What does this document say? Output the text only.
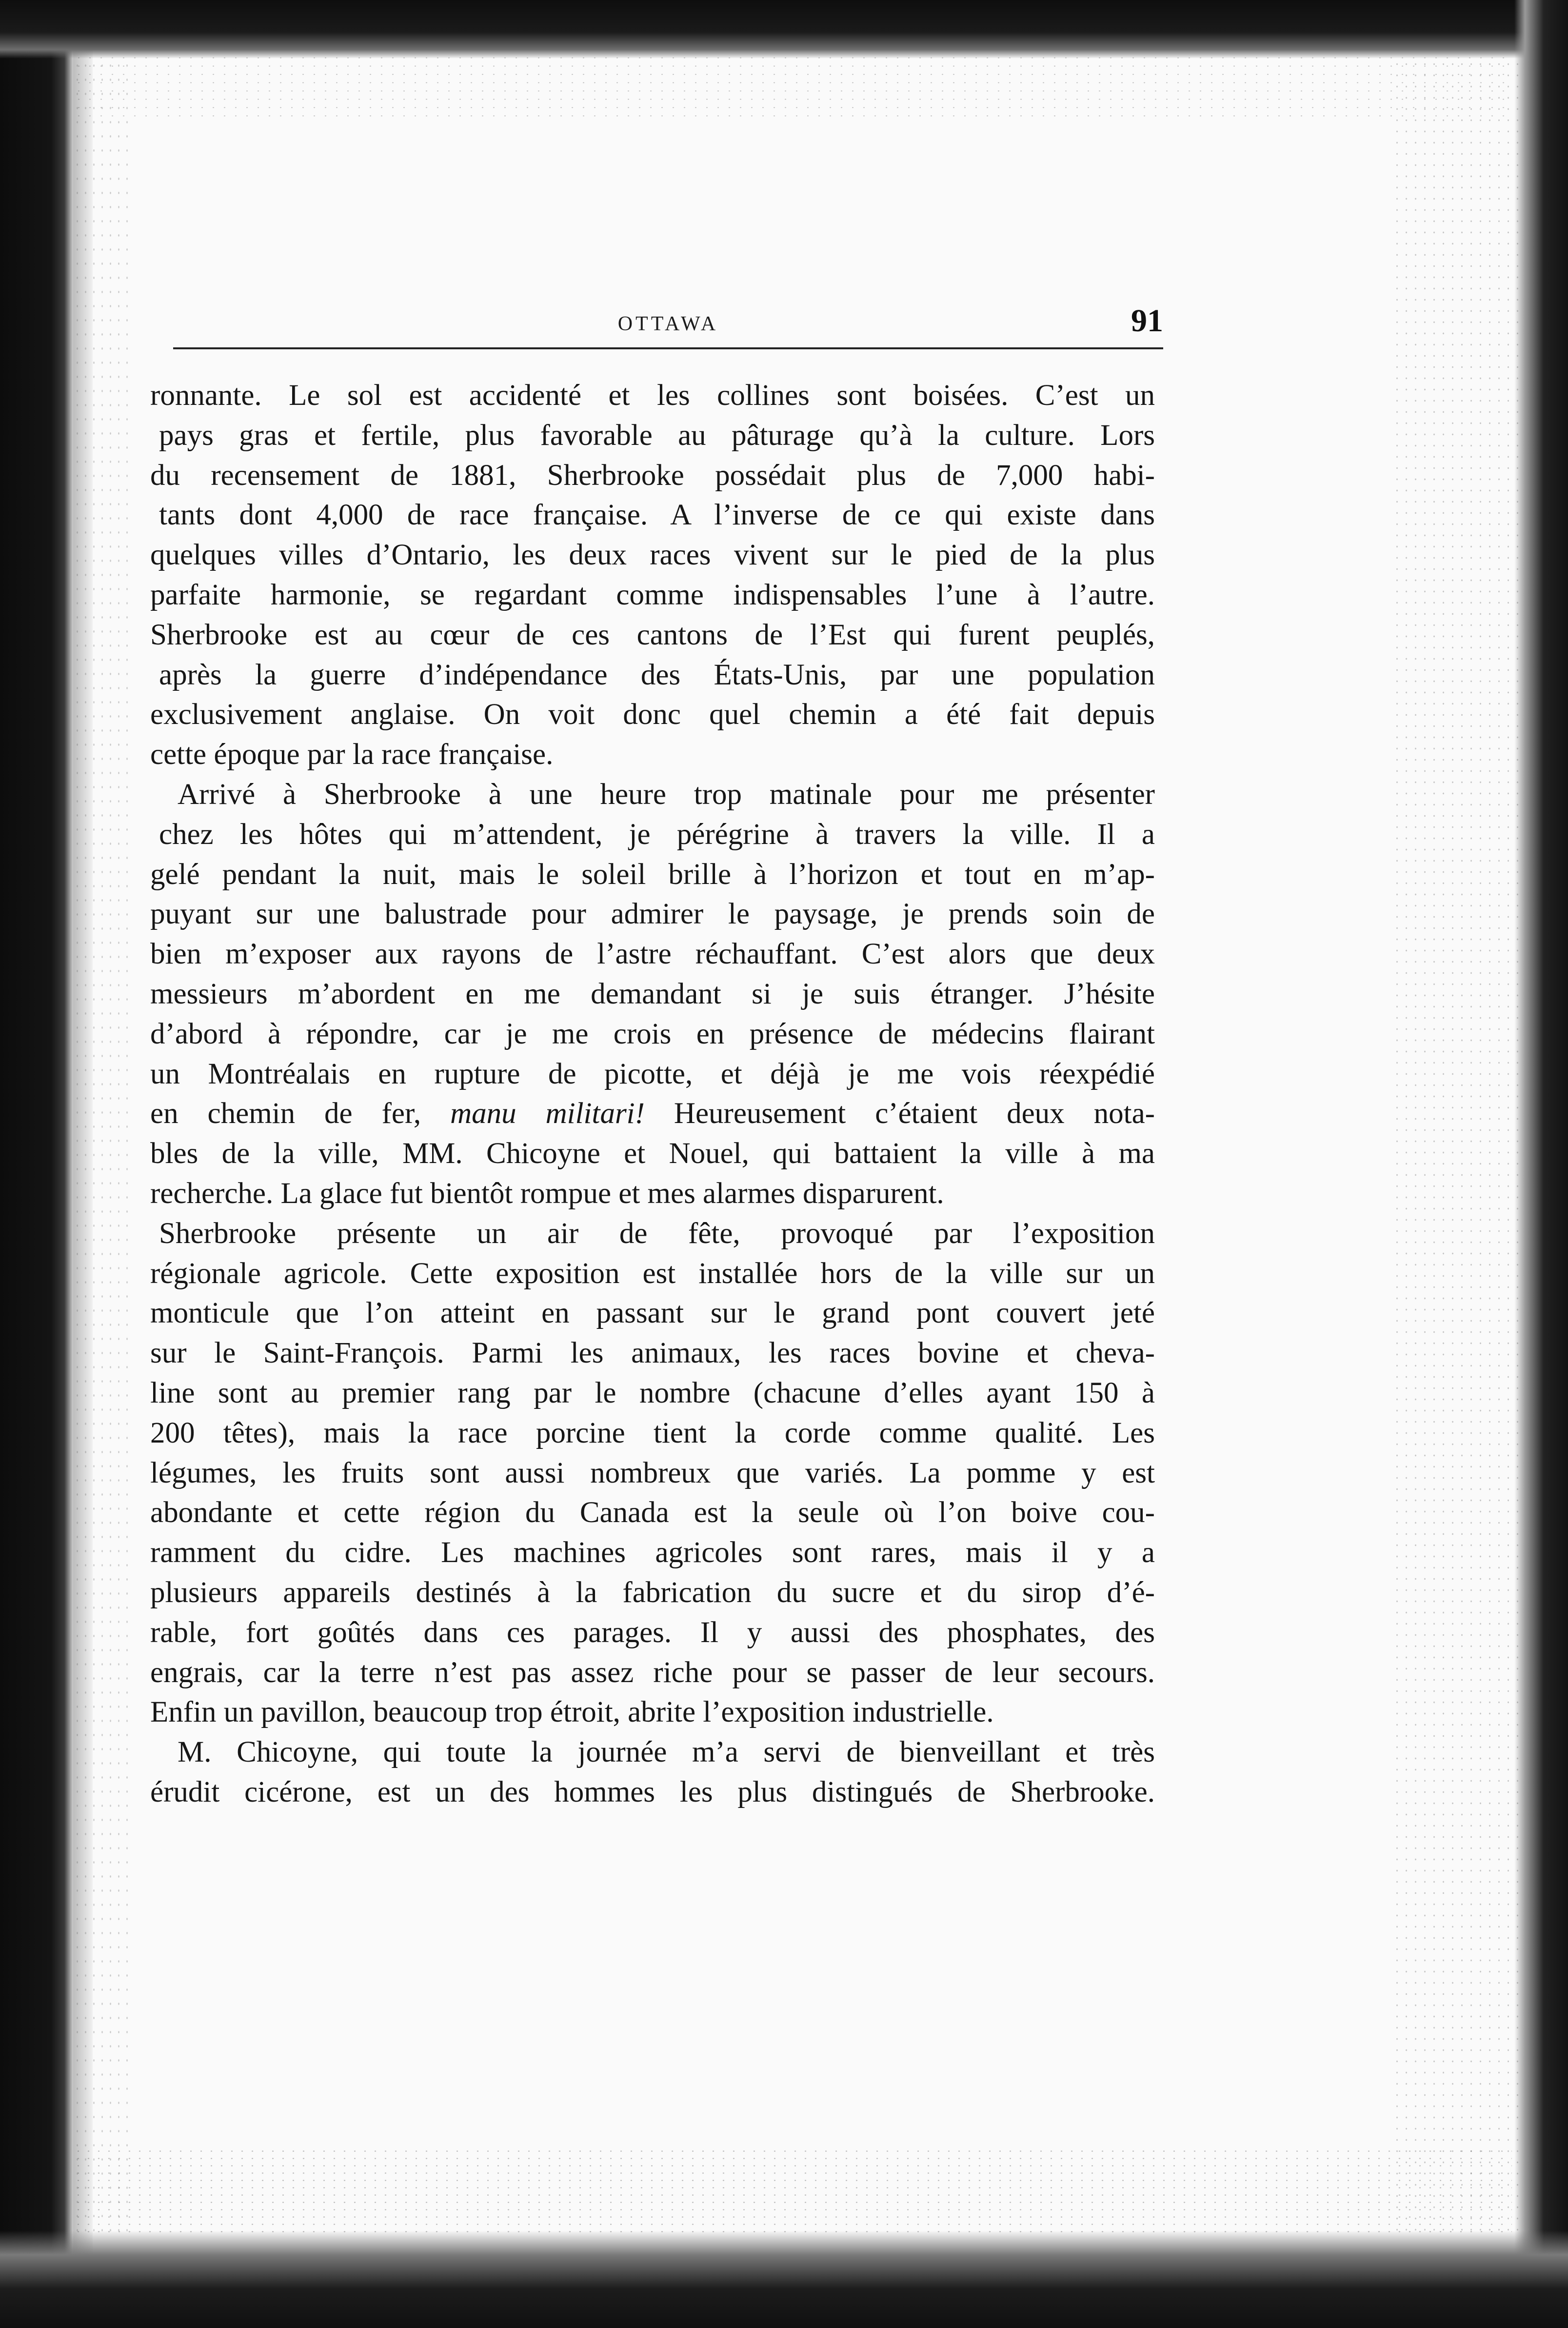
OTTAWA	91
ronnante. Le sol est accidenté et les collines sont boisées. C’est un
pays gras et fertile, plus favorable au pâturage qu’à la culture. Lors
du recensement de 1881, Sherbrooke possédait plus de 7,000 habi-
tants dont 4,000 de race française. A l’inverse de ce qui existe dans
quelques villes d’Ontario, les deux races vivent sur le pied de la plus
parfaite harmonie, se regardant comme indispensables l’une à l’autre.
Sherbrooke est au cœur de ces cantons de l’Est qui furent peuplés,
après la guerre d’indépendance des États-Unis, par une population
exclusivement anglaise. On voit donc quel chemin a été fait depuis
cette époque par la race française.
Arrivé à Sherbrooke à une heure trop matinale pour me présenter
chez les hôtes qui m’attendent, je pérégrine à travers la ville. Il a
gelé pendant la nuit, mais le soleil brille à l’horizon et tout en m’ap-
puyant sur une balustrade pour admirer le paysage, je prends soin de
bien m’exposer aux rayons de l’astre réchauffant. C’est alors que deux
messieurs m’abordent en me demandant si je suis étranger. J’hésite
d’abord à répondre, car je me crois en présence de médecins flairant
un Montréalais en rupture de picotte, et déjà je me vois réexpédié
en chemin de fer, manu militari! Heureusement c’étaient deux nota-
bles de la ville, MM. Chicoyne et Nouel, qui battaient la ville à ma
recherche. La glace fut bientôt rompue et mes alarmes disparurent.
Sherbrooke présente un air de fête, provoqué par l’exposition
régionale agricole. Cette exposition est installée hors de la ville sur un
monticule que l’on atteint en passant sur le grand pont couvert jeté
sur le Saint-François. Parmi les animaux, les races bovine et cheva-
line sont au premier rang par le nombre (chacune d’elles ayant 150 à
200 têtes), mais la race porcine tient la corde comme qualité. Les
légumes, les fruits sont aussi nombreux que variés. La pomme y est
abondante et cette région du Canada est la seule où l’on boive cou-
ramment du cidre. Les machines agricoles sont rares, mais il y a
plusieurs appareils destinés à la fabrication du sucre et du sirop d’é-
rable, fort goûtés dans ces parages. Il y aussi des phosphates, des
engrais, car la terre n’est pas assez riche pour se passer de leur secours.
Enfin un pavillon, beaucoup trop étroit, abrite l’exposition industrielle.
M. Chicoyne, qui toute la journée m’a servi de bienveillant et très
érudit cicérone, est un des hommes les plus distingués de Sherbrooke.
